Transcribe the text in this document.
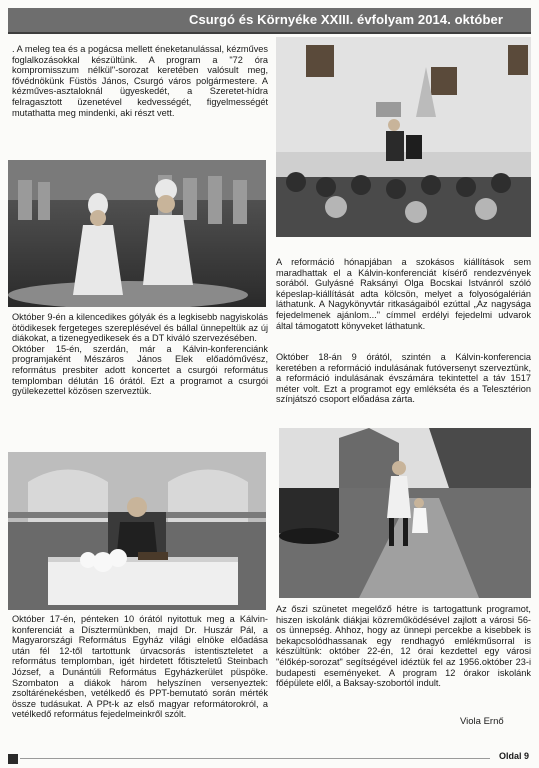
Csurgó és Környéke XXIII. évfolyam 2014. október

. A meleg tea és a pogácsa mellett éneketanulással, kézműves foglalkozásokkal készültünk. A program a "72 óra kompromisszum nélkül"-sorozat keretében valósult meg, fővédnökünk Füstös János, Csurgó város polgármestere. A kézműves-asztaloknál ügyeskedét, a Szeretet-hídra felragasztott üzenetével kedvességét, figyelmességét mutathatta meg mindenki, aki részt vett.

Október 9-én a kilencedikes gólyák és a legkisebb nagyiskolás ötödikesek fergeteges szereplésével és bállal ünnepeltük az új diákokat, a tizenegyedikesek és a DT kiváló szervezésében.

Október 15-én, szerdán, már a Kálvin-konferenciánk programjaként Mészáros János Elek előadóművész, református presbiter adott koncertet a csurgói református templomban délután 16 órától. Ezt a programot a csurgói gyülekezettel közösen szerveztük.

Október 17-én, pénteken 10 órától nyitottuk meg a Kálvin-konferenciát a Dísztermünkben, majd Dr. Huszár Pál, a Magyarországi Református Egyház világi elnöke előadása után fél 12-től tartottunk úrvacsorás istentiszteletet a református templomban, igét hirdetett főtiszteletű Steinbach József, a Dunántúli Református Egyházkerület püspöke. Szombaton a diákok három helyszínen versenyeztek: zsoltárénekésben, vetélkedő és PPT-bemutató során mérték össze tudásukat. A PPt-k az első magyar reformátorokról, a vetélkedő református fejedelmeinkről szólt.

A reformáció hónapjában a szokásos kiállítások sem maradhattak el a Kálvin-konferenciát kísérő rendezvények sorából. Gulyásné Raksányi Olga Bocskai Istvánról szóló képeslap-kiállítását adta kölcsön, melyet a folyosógalérián láthatunk. A Nagykönyvtár ritkaságaiból ezúttal „Az nagysága fejedelmenek ajánlom..." címmel erdélyi fejedelmi udvarok által támogatott könyveket láthatunk.

Október 18-án 9 órától, szintén a Kálvin-konferencia keretében a reformáció indulásának futóversenyt szerveztünk, a reformáció indulásának évszámára tekintettel a táv 1517 méter volt. Ezt a programot egy emlékséta és a Telesztérion színjátszó csoport előadása zárta.

Az őszi szünetet megelőző hétre is tartogattunk programot, hiszen iskolánk diákjai közreműködésével zajlott a városi 56-os ünnepség. Ahhoz, hogy az ünnepi percekbe a kisebbek is bekapcsolódhassanak egy rendhagyó emlékműsorral is készültünk: október 22-én, 12 órai kezdettel egy városi "élőkép-sorozat" segítségével idéztük fel az 1956.október 23-i budapesti eseményeket. A program 12 órakor iskolánk főépülete elől, a Baksay-szobortól indult.

Viola Ernő
Oldal 9
